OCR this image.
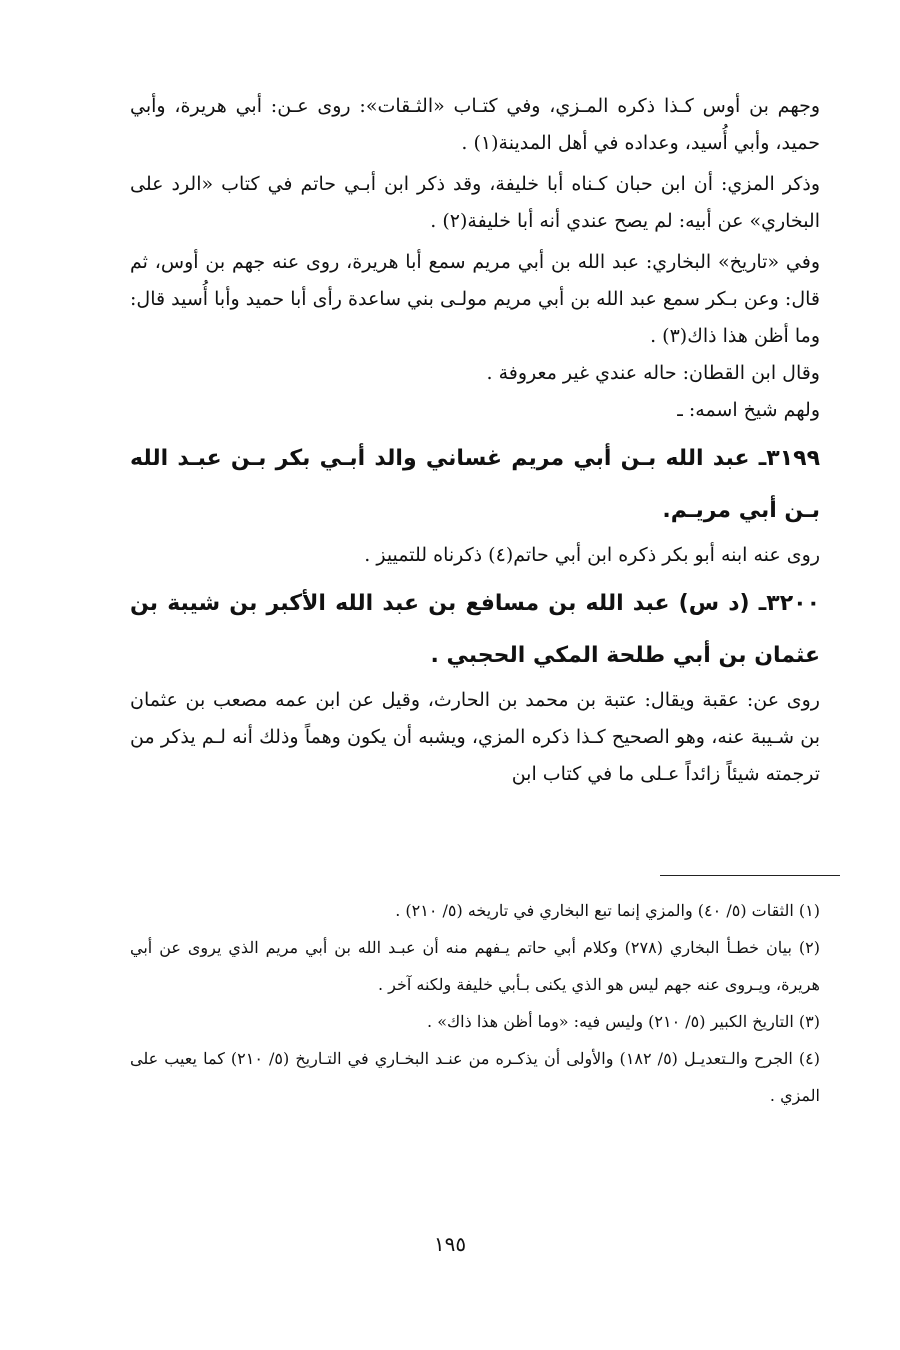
وجهم بن أوس كـذا ذكره المـزي، وفي كتـاب «الثـقات»: روى عـن: أبي هريرة، وأبي حميد، وأبي أُسيد، وعداده في أهل المدينة(١) .

وذكر المزي: أن ابن حبان كـناه أبا خليفة، وقد ذكر ابن أبـي حاتم في كتاب «الرد على البخاري» عن أبيه: لم يصح عندي أنه أبا خليفة(٢) .

وفي «تاريخ» البخاري: عبد الله بن أبي مريم سمع أبا هريرة، روى عنه جهم بن أوس، ثم قال: وعن بـكر سمع عبد الله بن أبي مريم مولـى بني ساعدة رأى أبا حميد وأبا أُسيد قال: وما أظن هذا ذاك(٣) .

وقال ابن القطان: حاله عندي غير معروفة .

ولهم شيخ اسمه: ـ

٣١٩٩ـ عبد الله بـن أبي مريم غساني والد أبـي بكر بـن عبـد الله بـن أبي مريـم.

روى عنه ابنه أبو بكر ذكره ابن أبي حاتم(٤) ذكرناه للتمييز .

٣٢٠٠ـ (د س) عبد الله بن مسافع بن عبد الله الأكبر بن شيبة بن عثمان بن أبي طلحة المكي الحجبي .

روى عن: عقبة ويقال: عتبة بن محمد بن الحارث، وقيل عن ابن عمه مصعب بن عثمان بن شـيبة عنه، وهو الصحيح كـذا ذكره المزي، ويشبه أن يكون وهماً وذلك أنه لـم يذكر من ترجمته شيئاً زائداً عـلى ما في كتاب ابن

(١) الثقات (٥/ ٤٠) والمزي إنما تبع البخاري في تاريخه (٥/ ٢١٠) .

(٢) بيان خطـأ البخاري (٢٧٨) وكلام أبي حاتم يـفهم منه أن عبـد الله بن أبي مريم الذي يروى عن أبي هريرة، ويـروى عنه جهم ليس هو الذي يكنى بـأبي خليفة ولكنه آخر .

(٣) التاريخ الكبير (٥/ ٢١٠) وليس فيه: «وما أظن هذا ذاك» .

(٤) الجرح والـتعديـل (٥/ ١٨٢) والأولى أن يذكـره من عنـد البخـاري في التـاريخ (٥/ ٢١٠) كما يعيب على المزي .

١٩٥
